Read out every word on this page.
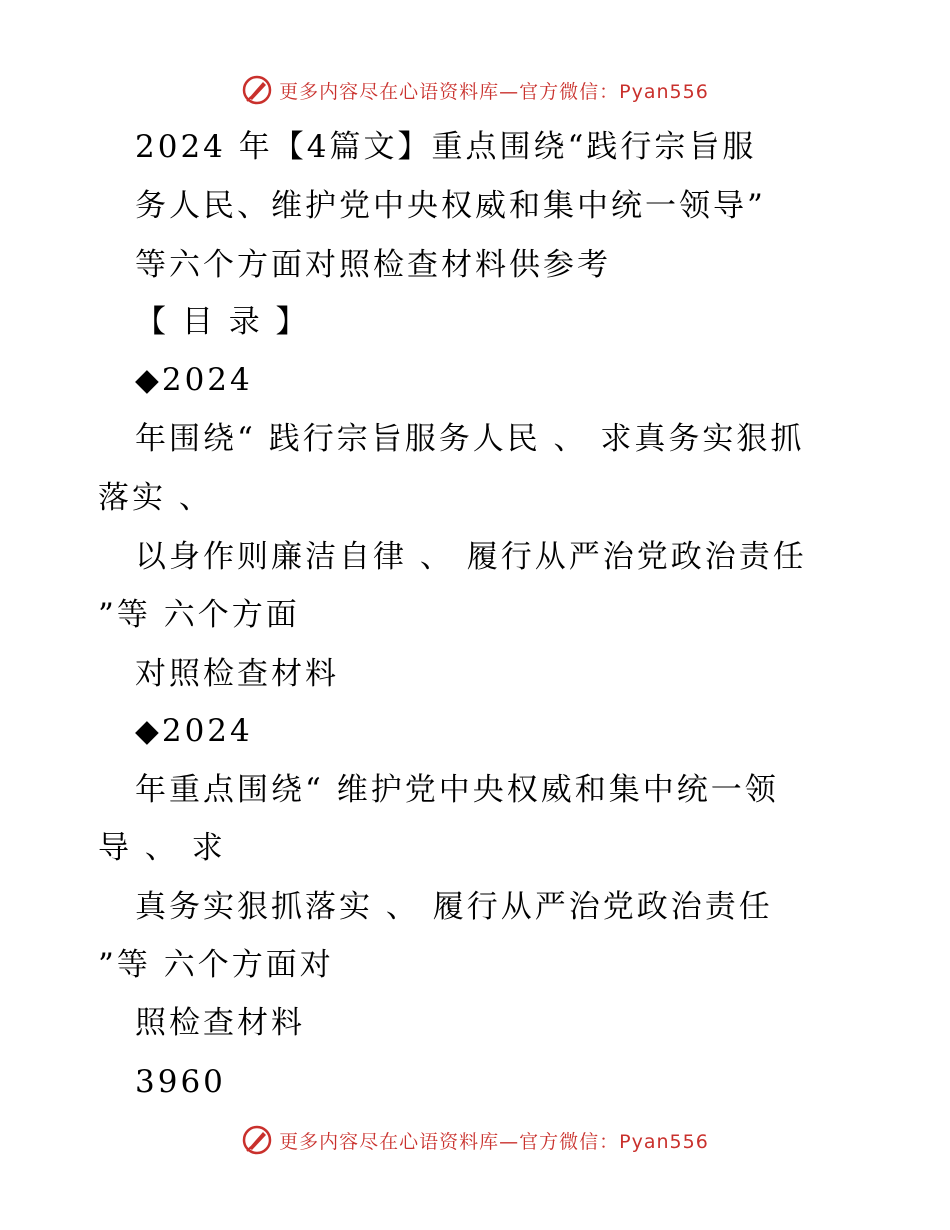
更多内容尽在心语资料库—官方微信：Pyan556
2024 年【4篇文】重点围绕“践行宗旨服
务人民、维护党中央权威和集中统一领导”
等六个方面对照检查材料供参考
【 目 录 】
◆2024
年围绕“ 践行宗旨服务人民 、 求真务实狠抓
落实 、
以身作则廉洁自律 、 履行从严治党政治责任
”等 六个方面
对照检查材料
◆2024
年重点围绕“ 维护党中央权威和集中统一领
导 、 求
真务实狠抓落实 、 履行从严治党政治责任
”等 六个方面对
照检查材料
3960
更多内容尽在心语资料库—官方微信：Pyan556
